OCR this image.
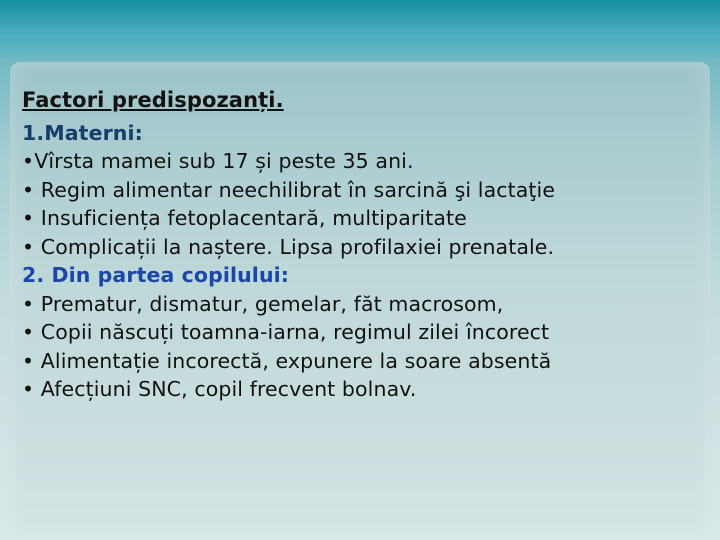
Factori predispozanți.
1.Materni:
•Vîrsta mamei sub 17 și peste 35 ani.
• Regim alimentar neechilibrat în sarcină şi lactaţie
• Insuficiența fetoplacentară, multiparitate
• Complicații la naștere. Lipsa profilaxiei prenatale.
2. Din partea copilului:
• Prematur, dismatur, gemelar, făt macrosom,
• Copii născuți toamna-iarna, regimul zilei încorect
• Alimentație incorectă, expunere la soare absentă
• Afecțiuni SNC, copil frecvent bolnav.
